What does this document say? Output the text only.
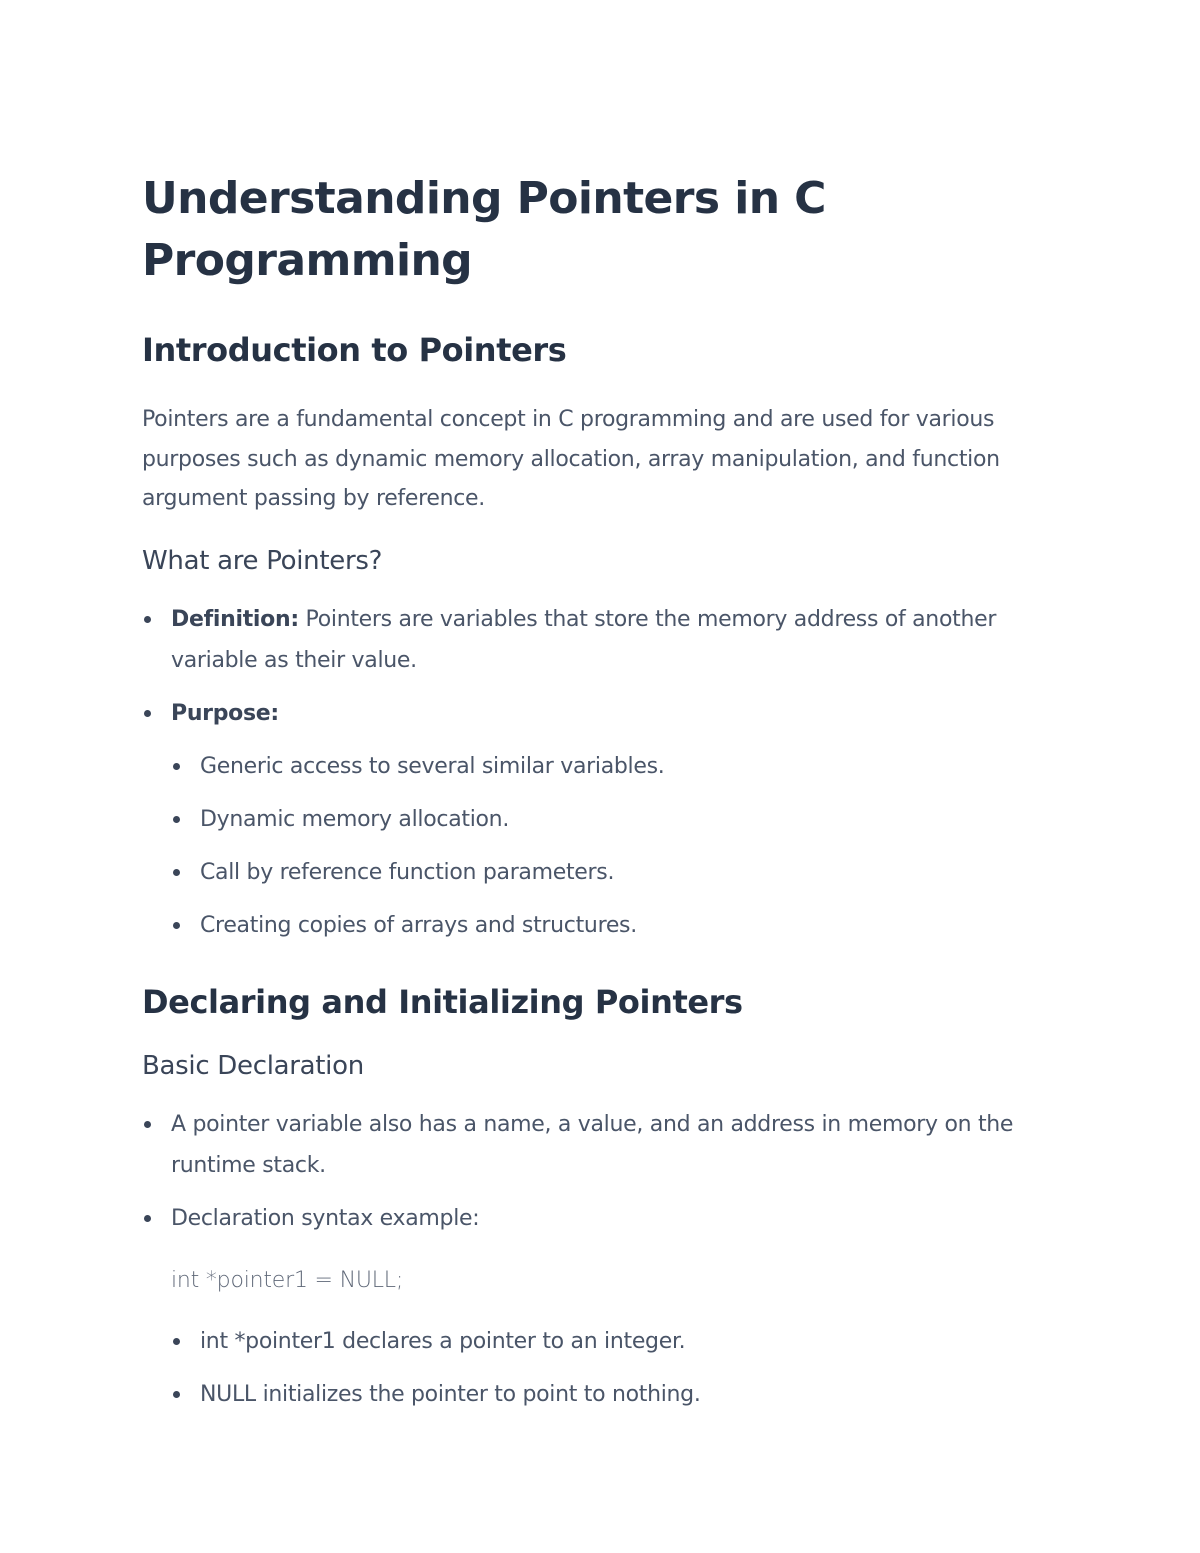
Understanding Pointers in C Programming
Introduction to Pointers

Pointers are a fundamental concept in C programming and are used for various purposes such as dynamic memory allocation, array manipulation, and function argument passing by reference.

What are Pointers?
Definition: Pointers are variables that store the memory address of another variable as their value.
Purpose:
Generic access to several similar variables.
Dynamic memory allocation.
Call by reference function parameters.
Creating copies of arrays and structures.
Declaring and Initializing Pointers
Basic Declaration
A pointer variable also has a name, a value, and an address in memory on the runtime stack.
Declaration syntax example:
int *pointer1 = NULL;
int *pointer1 declares a pointer to an integer.
NULL initializes the pointer to point to nothing.
